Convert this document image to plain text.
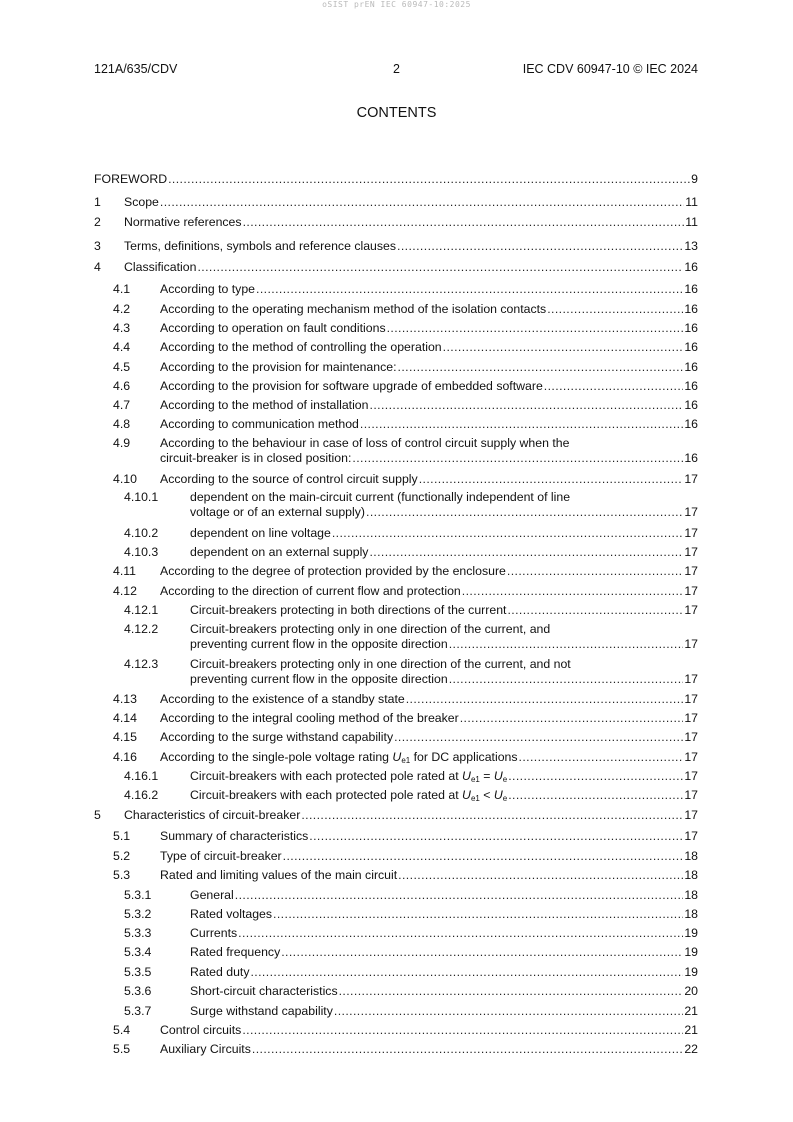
oSIST prEN IEC 60947-10:2025
121A/635/CDV	2	IEC CDV 60947-10 © IEC 2024
CONTENTS
FOREWORD .....	9
1 Scope .....	11
2 Normative references .....	11
3 Terms, definitions, symbols and reference clauses .....	13
4 Classification .....	16
4.1 According to type .....	16
4.2 According to the operating mechanism method of the isolation contacts .....	16
4.3 According to operation on fault conditions .....	16
4.4 According to the method of controlling the operation .....	16
4.5 According to the provision for maintenance: .....	16
4.6 According to the provision for software upgrade of embedded software .....	16
4.7 According to the method of installation .....	16
4.8 According to communication method .....	16
4.9 According to the behaviour in case of loss of control circuit supply when the
circuit-breaker is in closed position: .....	16
4.10 According to the source of control circuit supply .....	17
4.10.1	dependent on the main-circuit current (functionally independent of line
voltage or of an external supply) .....	17
4.10.2	dependent on line voltage .....	17
4.10.3	dependent on an external supply .....	17
4.11 According to the degree of protection provided by the enclosure .....	17
4.12 According to the direction of current flow and protection .....	17
4.12.1	Circuit-breakers protecting in both directions of the current .....	17
4.12.2	Circuit-breakers protecting only in one direction of the current, and
preventing current flow in the opposite direction .....	17
4.12.3	Circuit-breakers protecting only in one direction of the current, and not
preventing current flow in the opposite direction .....	17
4.13 According to the existence of a standby state .....	17
4.14 According to the integral cooling method of the breaker .....	17
4.15 According to the surge withstand capability .....	17
4.16 According to the single-pole voltage rating $U_{e1}$ for DC applications .....	17
4.16.1	Circuit-breakers with each protected pole rated at $U_{e1} = U_e$ .....	17
4.16.2	Circuit-breakers with each protected pole rated at $U_{e1} < U_e$ .....	17
5 Characteristics of circuit-breaker .....	17
5.1 Summary of characteristics .....	17
5.2 Type of circuit-breaker .....	18
5.3 Rated and limiting values of the main circuit .....	18
5.3.1	General .....	18
5.3.2	Rated voltages .....	18
5.3.3	Currents .....	19
5.3.4	Rated frequency .....	19
5.3.5	Rated duty .....	19
5.3.6	Short-circuit characteristics .....	20
5.3.7	Surge withstand capability .....	21
5.4 Control circuits .....	21
5.5 Auxiliary Circuits .....	22
